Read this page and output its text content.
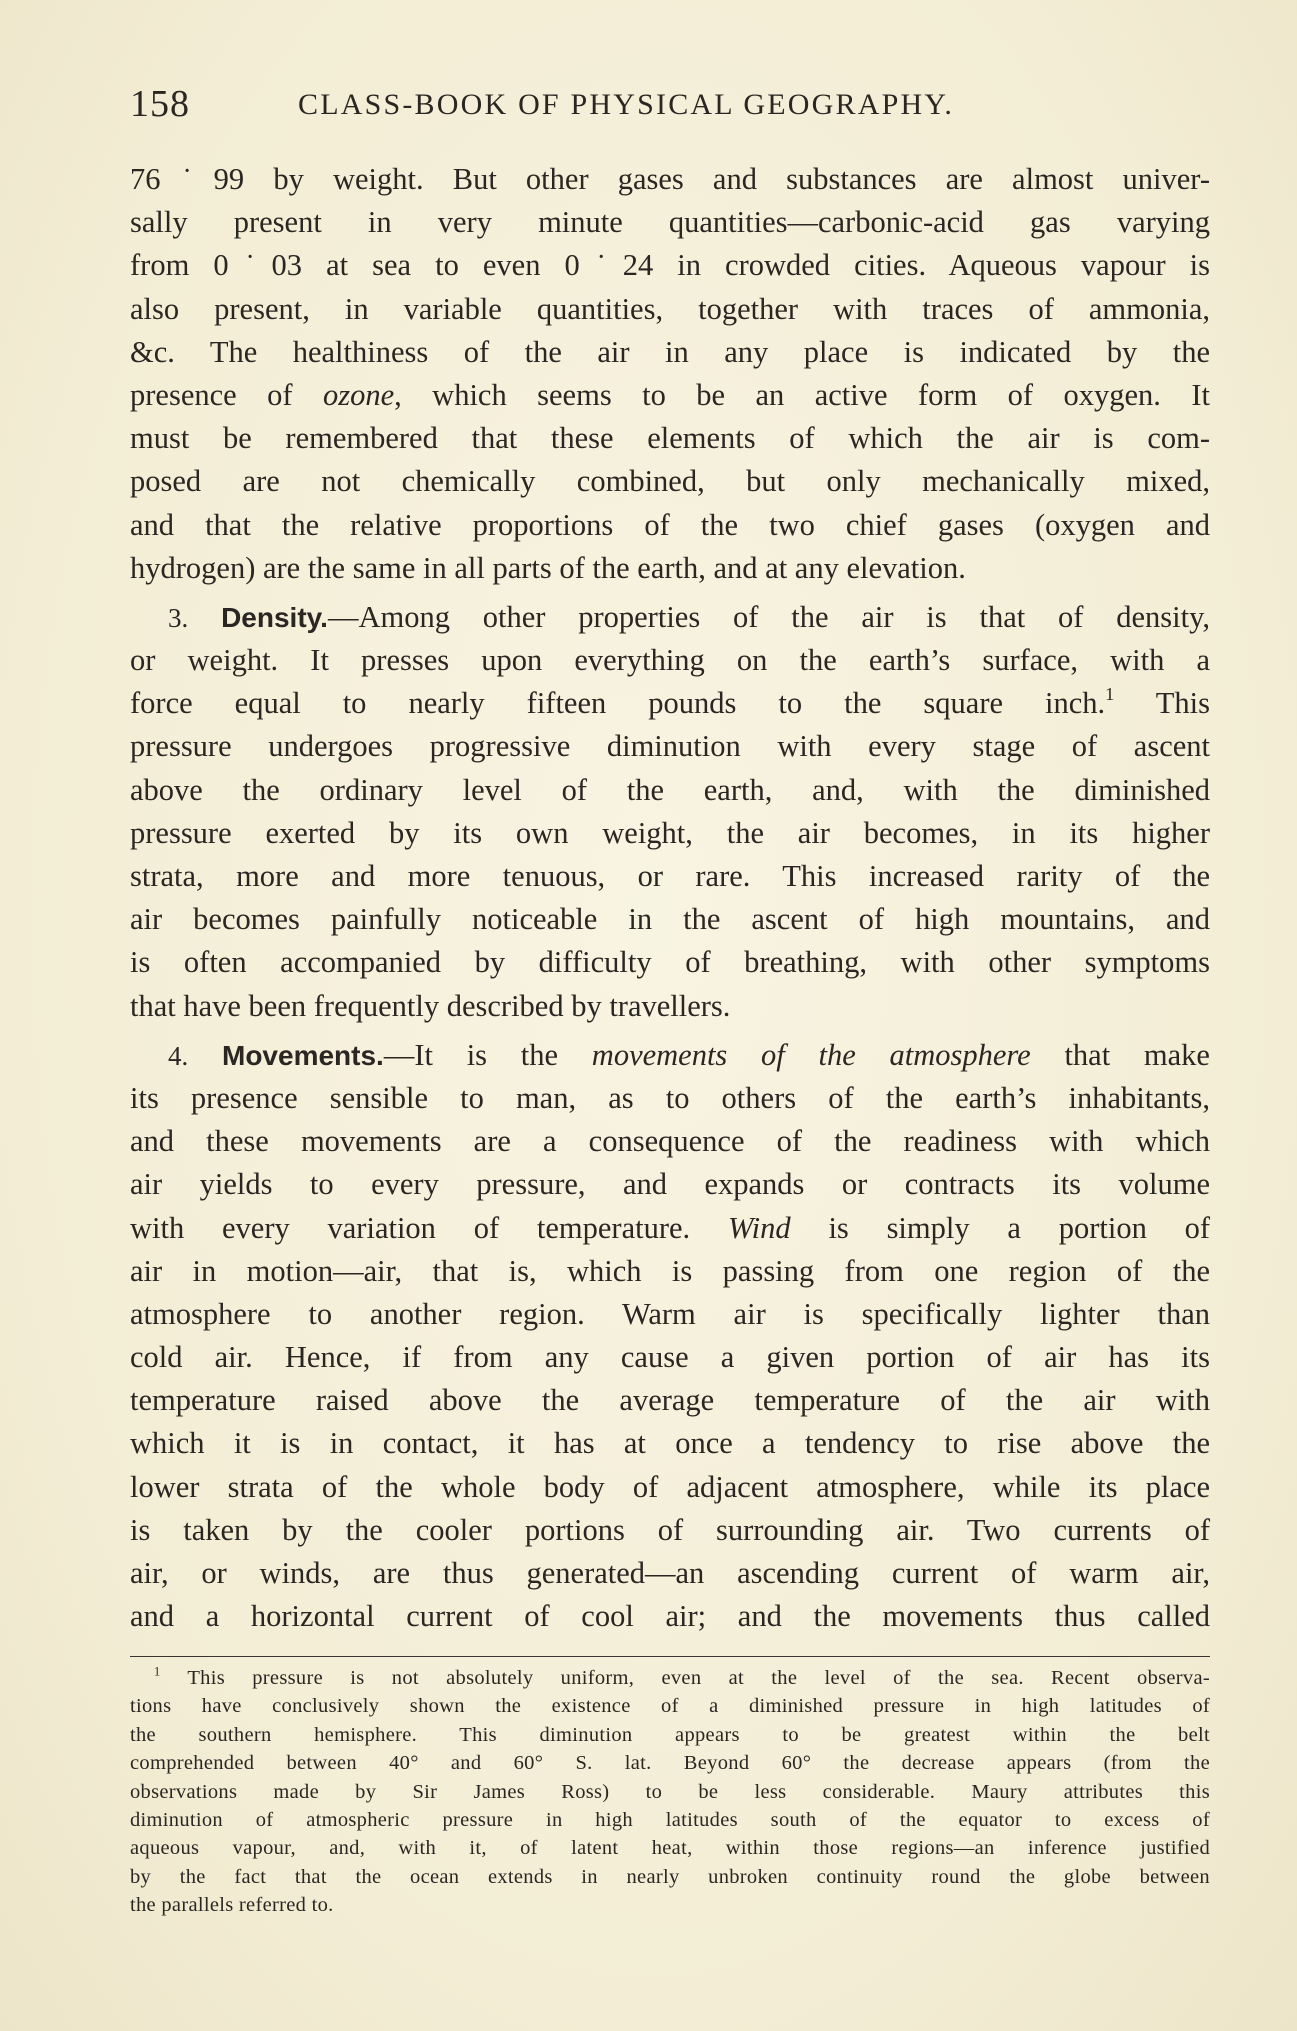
158	CLASS-BOOK OF PHYSICAL GEOGRAPHY.
76˙99 by weight. But other gases and substances are almost univer-
sally present in very minute quantities—carbonic-acid gas varying
from 0˙03 at sea to even 0˙24 in crowded cities. Aqueous vapour is
also present, in variable quantities, together with traces of ammonia,
&c. The healthiness of the air in any place is indicated by the
presence of ozone, which seems to be an active form of oxygen. It
must be remembered that these elements of which the air is com-
posed are not chemically combined, but only mechanically mixed,
and that the relative proportions of the two chief gases (oxygen and
hydrogen) are the same in all parts of the earth, and at any elevation.
3. Density.—Among other properties of the air is that of density,
or weight. It presses upon everything on the earth’s surface, with a
force equal to nearly fifteen pounds to the square inch.$^1$ This
pressure undergoes progressive diminution with every stage of ascent
above the ordinary level of the earth, and, with the diminished
pressure exerted by its own weight, the air becomes, in its higher
strata, more and more tenuous, or rare. This increased rarity of the
air becomes painfully noticeable in the ascent of high mountains, and
is often accompanied by difficulty of breathing, with other symptoms
that have been frequently described by travellers.
4. Movements.—It is the movements of the atmosphere that make
its presence sensible to man, as to others of the earth’s inhabitants,
and these movements are a consequence of the readiness with which
air yields to every pressure, and expands or contracts its volume
with every variation of temperature. Wind is simply a portion of
air in motion—air, that is, which is passing from one region of the
atmosphere to another region. Warm air is specifically lighter than
cold air. Hence, if from any cause a given portion of air has its
temperature raised above the average temperature of the air with
which it is in contact, it has at once a tendency to rise above the
lower strata of the whole body of adjacent atmosphere, while its place
is taken by the cooler portions of surrounding air. Two currents of
air, or winds, are thus generated—an ascending current of warm air,
and a horizontal current of cool air; and the movements thus called
$^1$ This pressure is not absolutely uniform, even at the level of the sea. Recent observa-
tions have conclusively shown the existence of a diminished pressure in high latitudes of
the southern hemisphere. This diminution appears to be greatest within the belt
comprehended between 40° and 60° S. lat. Beyond 60° the decrease appears (from the
observations made by Sir James Ross) to be less considerable. Maury attributes this
diminution of atmospheric pressure in high latitudes south of the equator to excess of
aqueous vapour, and, with it, of latent heat, within those regions—an inference justified
by the fact that the ocean extends in nearly unbroken continuity round the globe between
the parallels referred to.
